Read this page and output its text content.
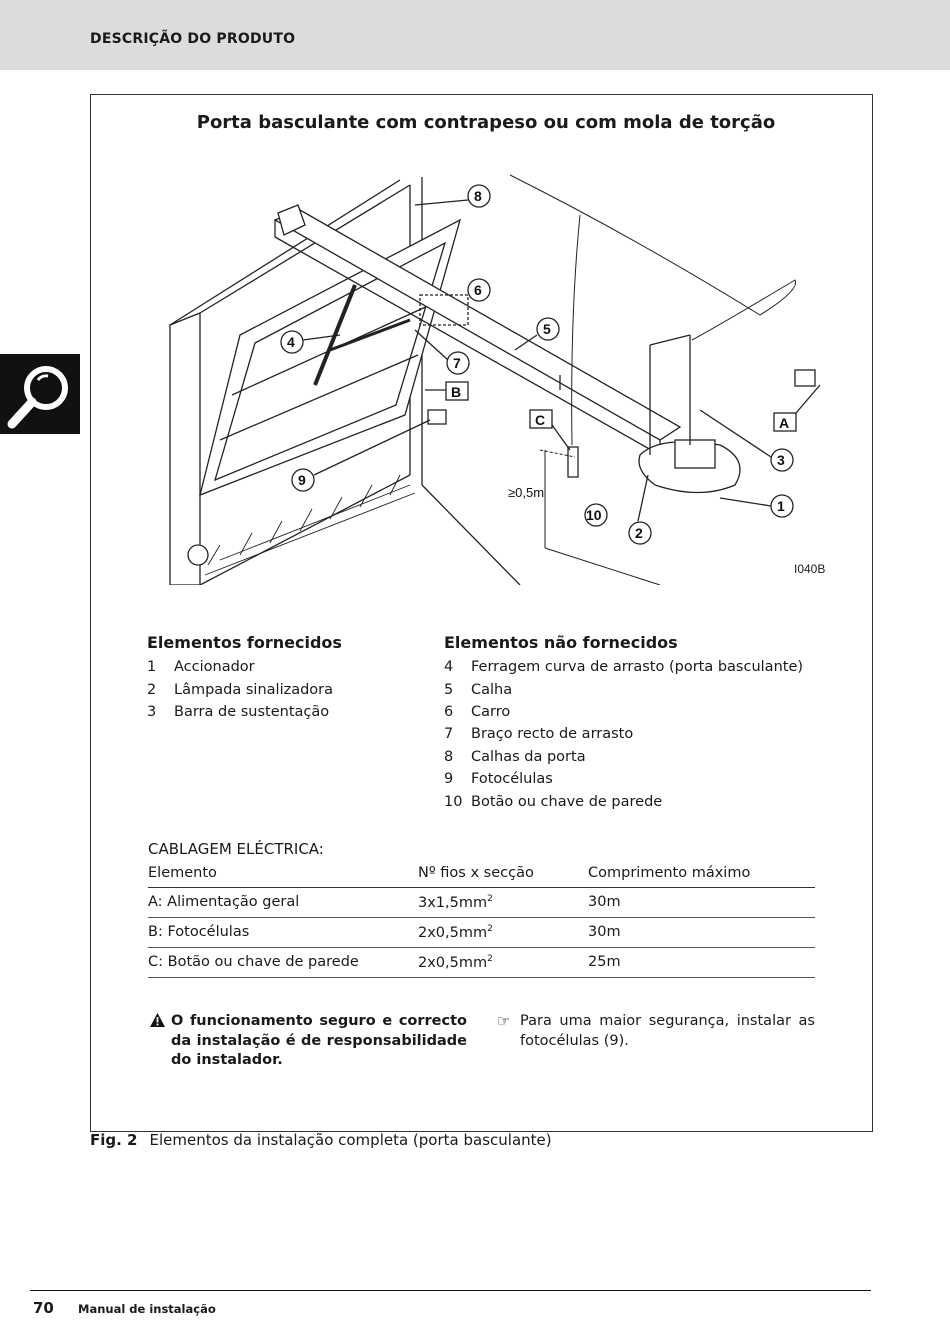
DESCRIÇÃO DO PRODUTO
Porta basculante com contrapeso ou com mola de torção
≥0,5m
8
6
5
4
7
B
C
9
10
2
A
3
1
I040B
Elementos fornecidos
1	Accionador
2	Lâmpada sinalizadora
3	Barra de sustentação
Elementos não fornecidos
4	Ferragem curva de arrasto (porta basculante)
5	Calha
6	Carro
7	Braço recto de arrasto
8	Calhas da porta
9	Fotocélulas
10 Botão ou chave de parede
CABLAGEM ELÉCTRICA:
Elemento	Nº fios x secção	Comprimento máximo
A: Alimentação geral	$3x1,5mm^2$	30m
B: Fotocélulas	$2x0,5mm^2$	30m
C: Botão ou chave de parede	$2x0,5mm^2$	25m
O funcionamento seguro e correcto da instalação é de responsabilidade do instalador.
☞ Para uma maior segurança, instalar as fotocélulas (9).
Fig. 2 Elementos da instalação completa (porta basculante)
70 Manual de instalação
